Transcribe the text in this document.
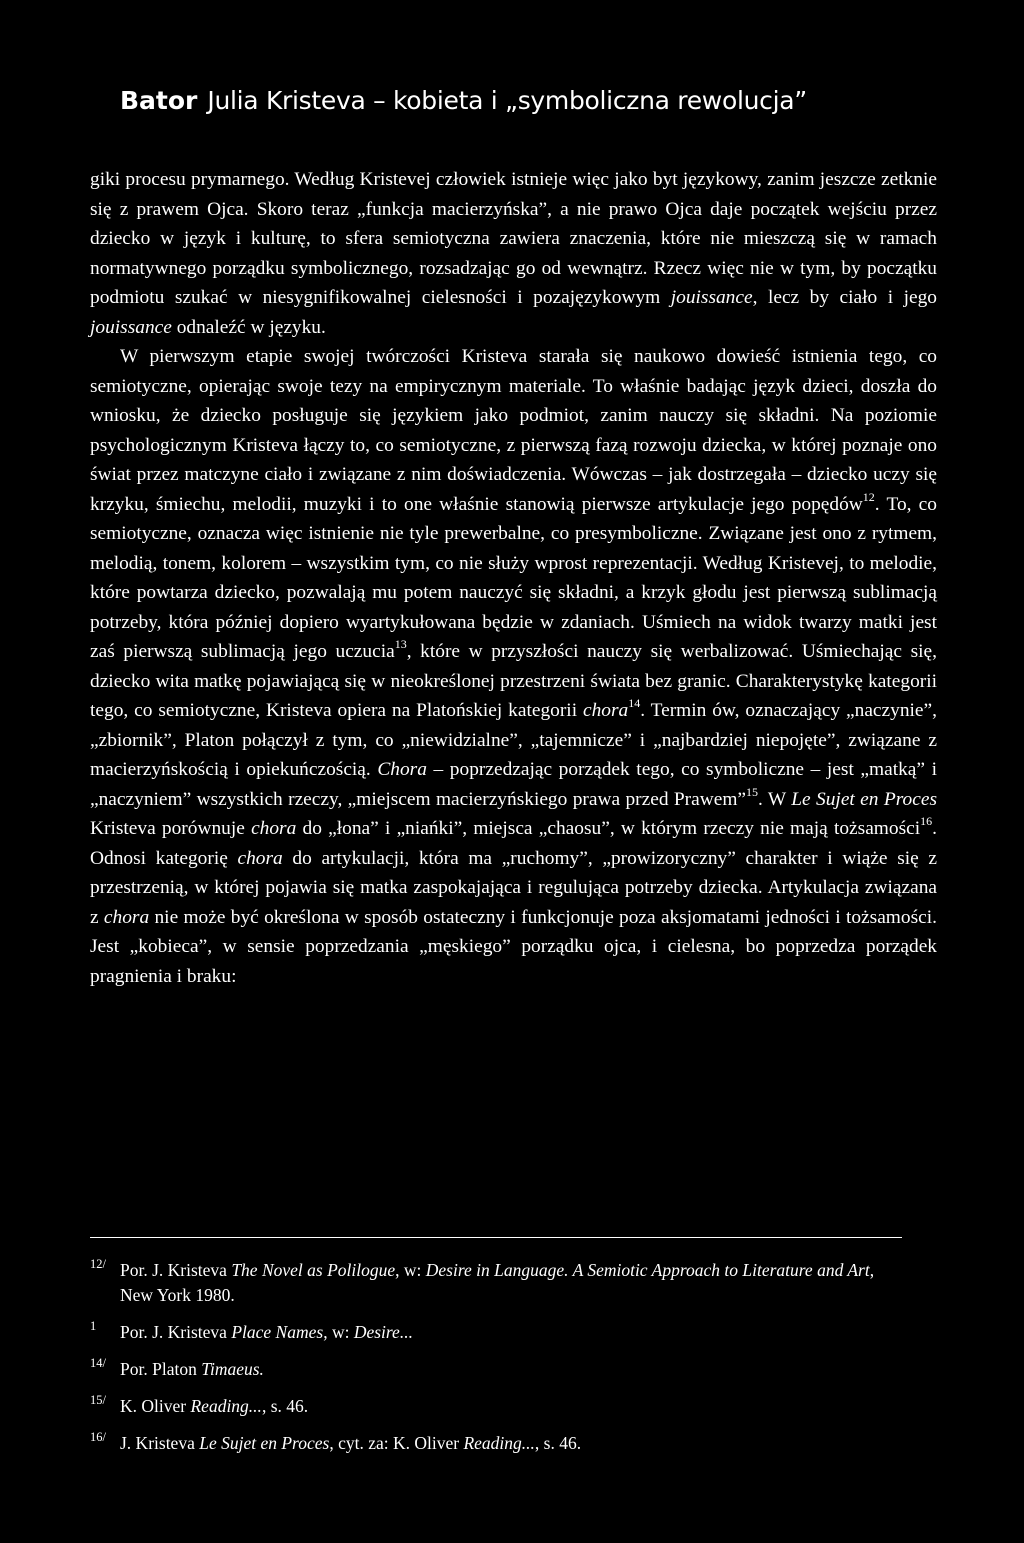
Bator Julia Kristeva – kobieta i „symboliczna rewolucja”

giki procesu prymarnego. Według Kristevej człowiek istnieje więc jako byt językowy, zanim jeszcze zetknie się z prawem Ojca. Skoro teraz „funkcja macierzyńska”, a nie prawo Ojca daje początek wejściu przez dziecko w język i kulturę, to sfera semiotyczna zawiera znaczenia, które nie mieszczą się w ramach normatywnego porządku symbolicznego, rozsadzając go od wewnątrz. Rzecz więc nie w tym, by początku podmiotu szukać w niesygnifikowalnej cielesności i pozajęzykowym jouissance, lecz by ciało i jego jouissance odnaleźć w języku.

W pierwszym etapie swojej twórczości Kristeva starała się naukowo dowieść istnienia tego, co semiotyczne, opierając swoje tezy na empirycznym materiale. To właśnie badając język dzieci, doszła do wniosku, że dziecko posługuje się językiem jako podmiot, zanim nauczy się składni. Na poziomie psychologicznym Kristeva łączy to, co semiotyczne, z pierwszą fazą rozwoju dziecka, w której poznaje ono świat przez matczyne ciało i związane z nim doświadczenia. Wówczas – jak dostrzegała – dziecko uczy się krzyku, śmiechu, melodii, muzyki i to one właśnie stanowią pierwsze artykulacje jego popędów$^{12}$. To, co semiotyczne, oznacza więc istnienie nie tyle prewerbalne, co presymboliczne. Związane jest ono z rytmem, melodią, tonem, kolorem – wszystkim tym, co nie służy wprost reprezentacji. Według Kristevej, to melodie, które powtarza dziecko, pozwalają mu potem nauczyć się składni, a krzyk głodu jest pierwszą sublimacją potrzeby, która później dopiero wyartykułowana będzie w zdaniach. Uśmiech na widok twarzy matki jest zaś pierwszą sublimacją jego uczucia$^{13}$, które w przyszłości nauczy się werbalizować. Uśmiechając się, dziecko wita matkę pojawiającą się w nieokreślonej przestrzeni świata bez granic. Charakterystykę kategorii tego, co semiotyczne, Kristeva opiera na Platońskiej kategorii chora$^{14}$. Termin ów, oznaczający „naczynie”, „zbiornik”, Platon połączył z tym, co „niewidzialne”, „tajemnicze” i „najbardziej niepojęte”, związane z macierzyńskością i opiekuńczością. Chora – poprzedzając porządek tego, co symboliczne – jest „matką” i „naczyniem” wszystkich rzeczy, „miejscem macierzyńskiego prawa przed Prawem”$^{15}$. W Le Sujet en Proces Kristeva porównuje chora do „łona” i „niańki”, miejsca „chaosu”, w którym rzeczy nie mają tożsamości$^{16}$. Odnosi kategorię chora do artykulacji, która ma „ruchomy”, „prowizoryczny” charakter i wiąże się z przestrzenią, w której pojawia się matka zaspokajająca i regulująca potrzeby dziecka. Artykulacja związana z chora nie może być określona w sposób ostateczny i funkcjonuje poza aksjomatami jedności i tożsamości. Jest „kobieca”, w sensie poprzedzania „męskiego” porządku ojca, i cielesna, bo poprzedza porządek pragnienia i braku:

12/ Por. J. Kristeva The Novel as Polilogue, w: Desire in Language. A Semiotic Approach to Literature and Art, New York 1980.
1 Por. J. Kristeva Place Names, w: Desire...
14/ Por. Platon Timaeus.
15/ K. Oliver Reading..., s. 46.
16/ J. Kristeva Le Sujet en Proces, cyt. za: K. Oliver Reading..., s. 46.
